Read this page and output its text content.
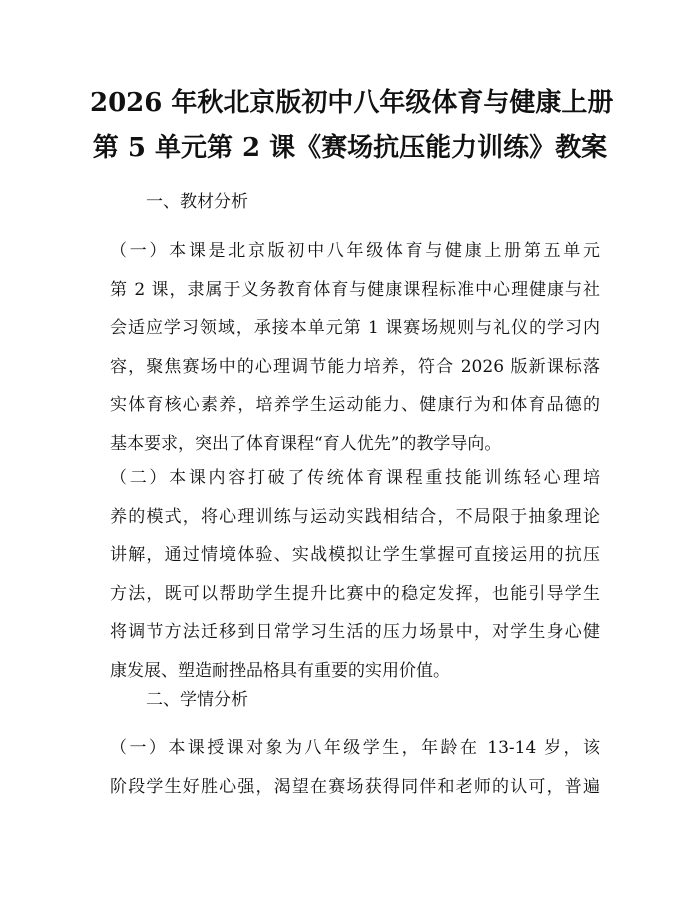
2026 年秋北京版初中八年级体育与健康上册
第 5 单元第 2 课《赛场抗压能力训练》教案
一、教材分析

（一）本课是北京版初中八年级体育与健康上册第五单元
第 2 课，隶属于义务教育体育与健康课程标准中心理健康与社
会适应学习领域，承接本单元第 1 课赛场规则与礼仪的学习内
容，聚焦赛场中的心理调节能力培养，符合 2026 版新课标落
实体育核心素养，培养学生运动能力、健康行为和体育品德的
基本要求，突出了体育课程“育人优先”的教学导向。

（二）本课内容打破了传统体育课程重技能训练轻心理培
养的模式，将心理训练与运动实践相结合，不局限于抽象理论
讲解，通过情境体验、实战模拟让学生掌握可直接运用的抗压
方法，既可以帮助学生提升比赛中的稳定发挥，也能引导学生
将调节方法迁移到日常学习生活的压力场景中，对学生身心健
康发展、塑造耐挫品格具有重要的实用价值。

二、学情分析

（一）本课授课对象为八年级学生，年龄在 13-14 岁，该
阶段学生好胜心强，渴望在赛场获得同伴和老师的认可，普遍
